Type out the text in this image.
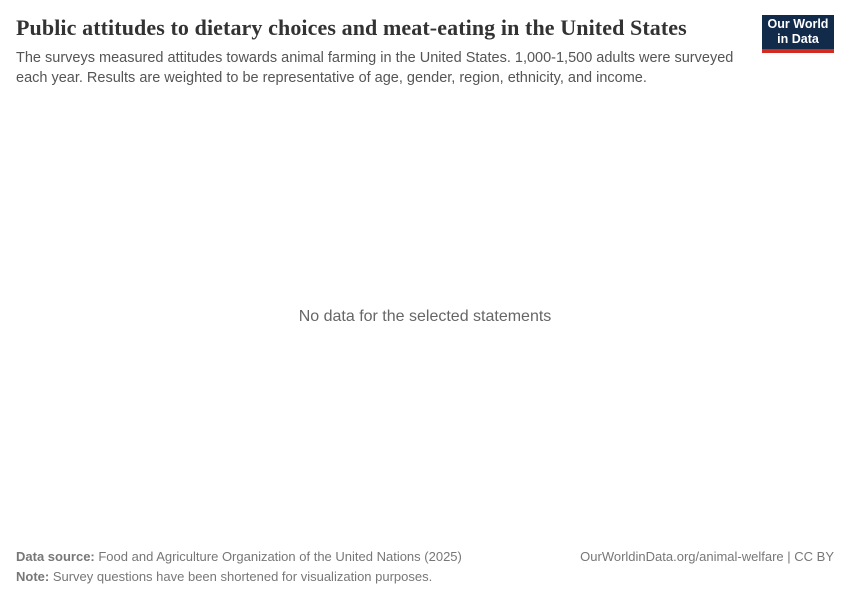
Public attitudes to dietary choices and meat-eating in the United States

The surveys measured attitudes towards animal farming in the United States. 1,000-1,500 adults were surveyed each year. Results are weighted to be representative of age, gender, region, ethnicity, and income.

Our World
in Data
No data for the selected statements
Data source: Food and Agriculture Organization of the United Nations (2025)
Note: Survey questions have been shortened for visualization purposes.
OurWorldinData.org/animal-welfare | CC BY
